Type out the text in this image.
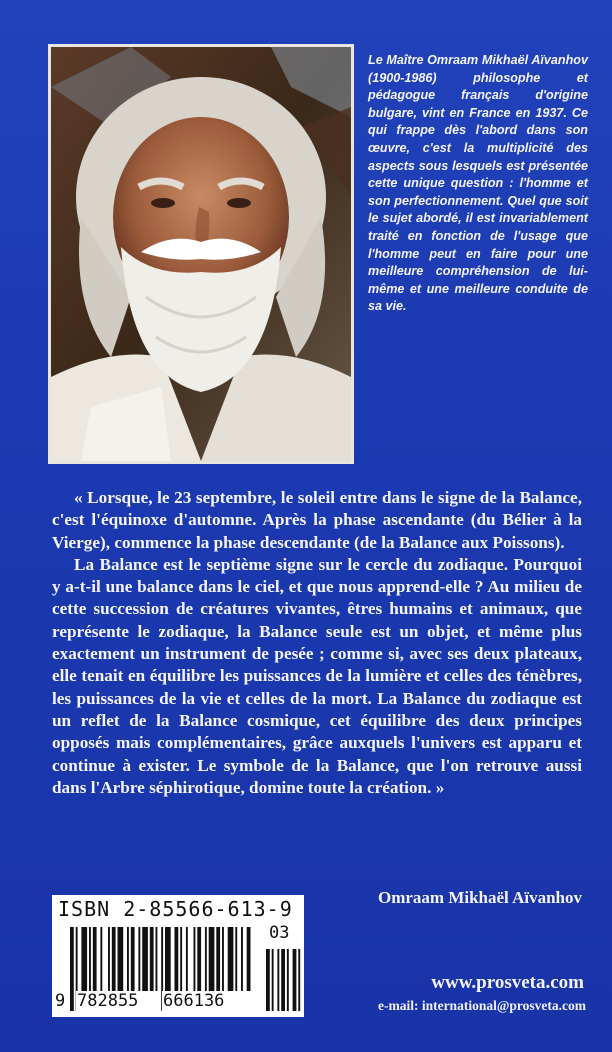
Le Maître Omraam Mikhaël Aïvanhov (1900-1986) philosophe et pédagogue français d'origine bulgare, vint en France en 1937. Ce qui frappe dès l'abord dans son œuvre, c'est la multiplicité des aspects sous lesquels est présentée cette unique question : l'homme et son perfectionnement. Quel que soit le sujet abordé, il est invariablement traité en fonction de l'usage que l'homme peut en faire pour une meilleure compréhension de lui-même et une meilleure conduite de sa vie.

« Lorsque, le 23 septembre, le soleil entre dans le signe de la Balance, c'est l'équinoxe d'automne. Après la phase ascendante (du Bélier à la Vierge), commence la phase descendante (de la Balance aux Poissons).

La Balance est le septième signe sur le cercle du zodiaque. Pourquoi y a-t-il une balance dans le ciel, et que nous apprend-elle ? Au milieu de cette succession de créatures vivantes, êtres humains et animaux, que représente le zodiaque, la Balance seule est un objet, et même plus exactement un instrument de pesée ; comme si, avec ses deux plateaux, elle tenait en équilibre les puissances de la lumière et celles des ténèbres, les puissances de la vie et celles de la mort. La Balance du zodiaque est un reflet de la Balance cosmique, cet équilibre des deux principes opposés mais complémentaires, grâce auxquels l'univers est apparu et continue à exister. Le symbole de la Balance, que l'on retrouve aussi dans l'Arbre séphirotique, domine toute la création. »

Omraam Mikhaël Aïvanhov
ISBN 2-85566-613-9
9 782855 666136
03
www.prosveta.com
e-mail: international@prosveta.com
